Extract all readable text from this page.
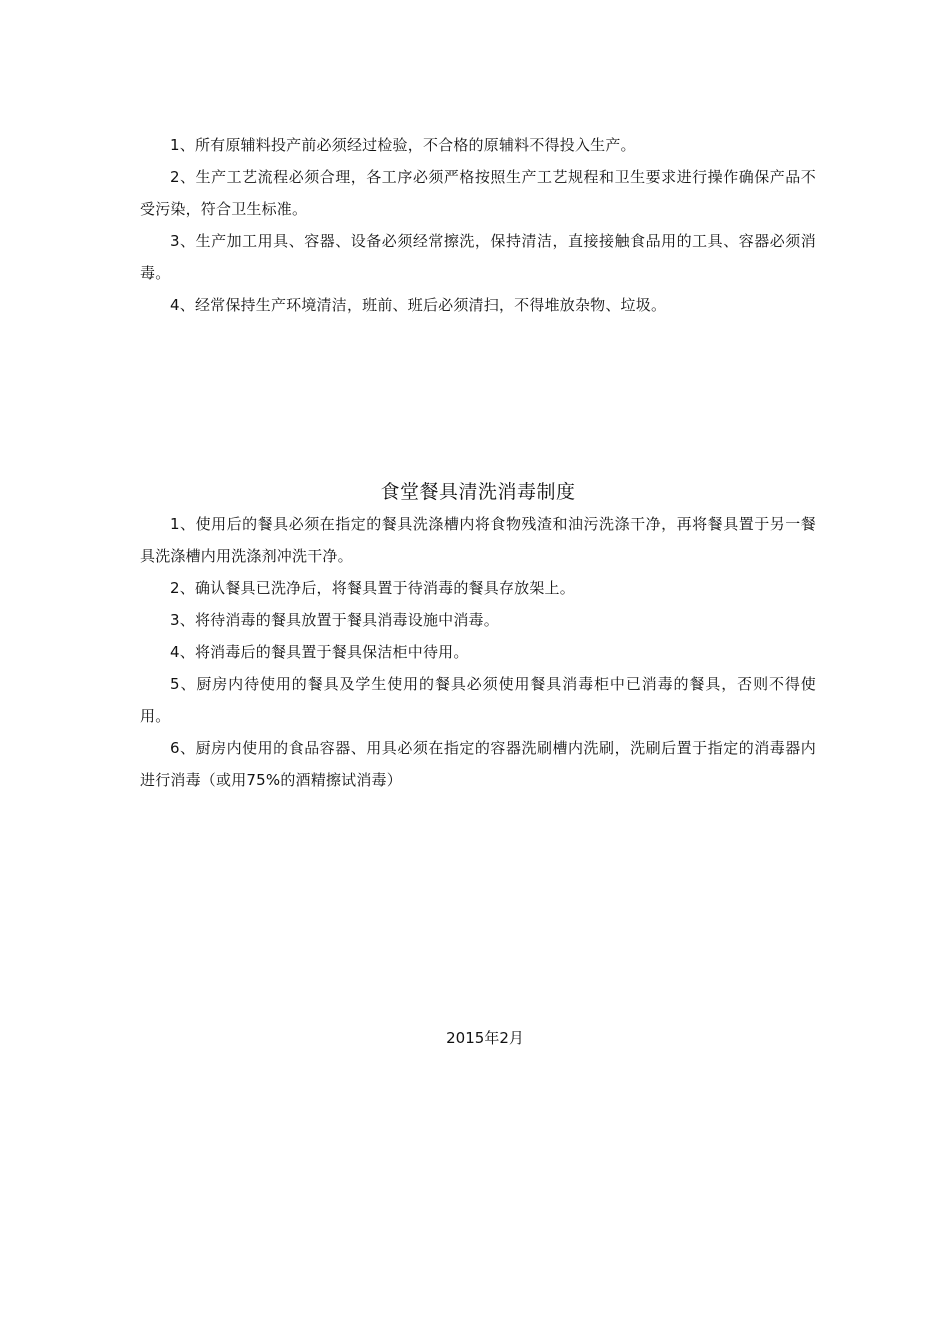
1、所有原辅料投产前必须经过检验，不合格的原辅料不得投入生产。

2、生产工艺流程必须合理，各工序必须严格按照生产工艺规程和卫生要求进行操作确保产品不受污染，符合卫生标准。

3、生产加工用具、容器、设备必须经常擦洗，保持清洁，直接接触食品用的工具、容器必须消毒。

4、经常保持生产环境清洁，班前、班后必须清扫，不得堆放杂物、垃圾。

食堂餐具清洗消毒制度

1、使用后的餐具必须在指定的餐具洗涤槽内将食物残渣和油污洗涤干净，再将餐具置于另一餐具洗涤槽内用洗涤剂冲洗干净。

2、确认餐具已洗净后，将餐具置于待消毒的餐具存放架上。

3、将待消毒的餐具放置于餐具消毒设施中消毒。

4、将消毒后的餐具置于餐具保洁柜中待用。

5、厨房内待使用的餐具及学生使用的餐具必须使用餐具消毒柜中已消毒的餐具，否则不得使用。

6、厨房内使用的食品容器、用具必须在指定的容器洗刷槽内洗刷，洗刷后置于指定的消毒器内进行消毒（或用75%的酒精擦试消毒）

2015年2月
